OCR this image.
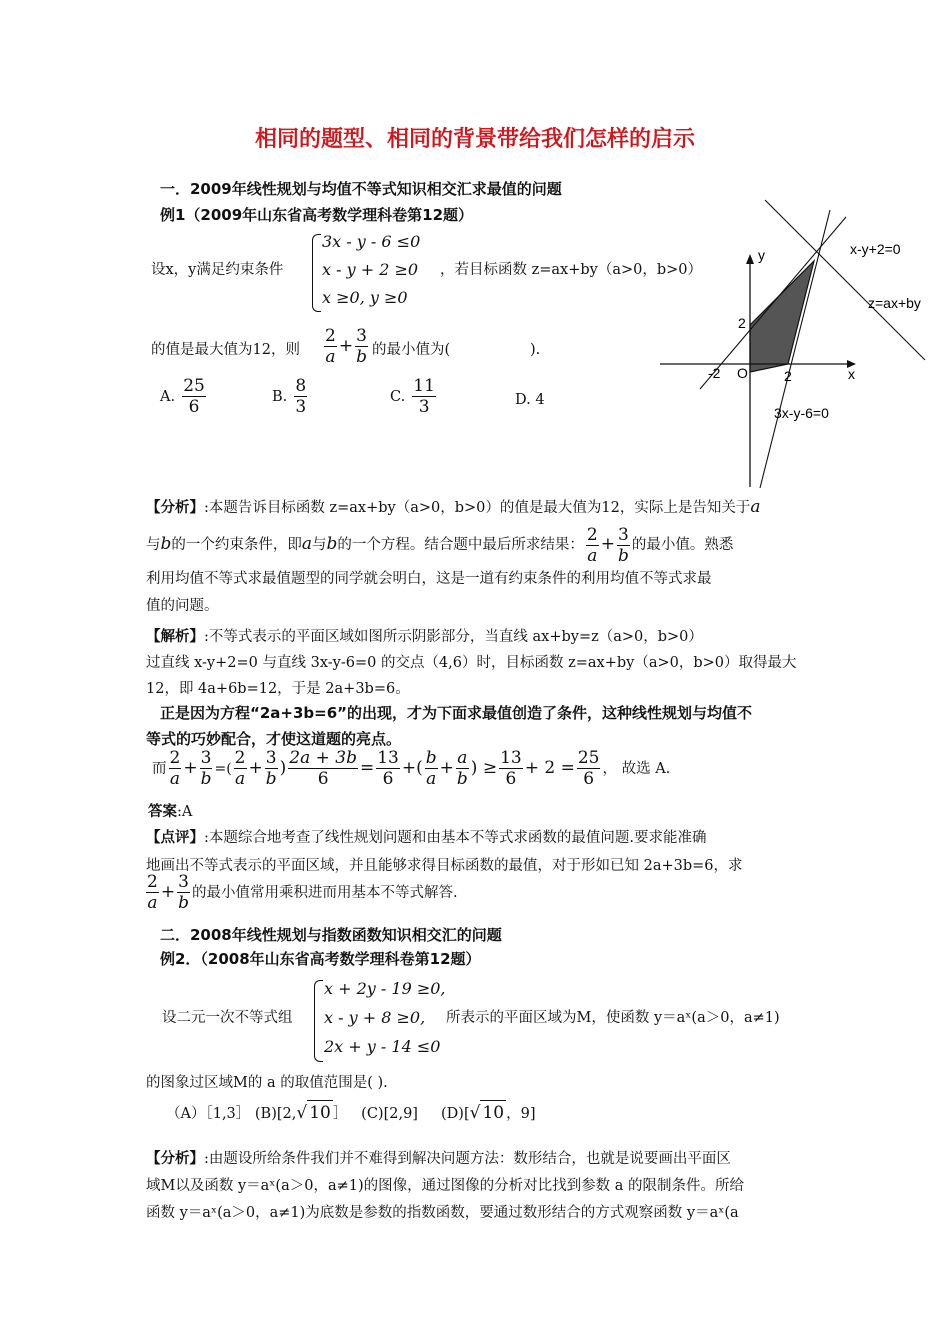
相同的题型、相同的背景带给我们怎样的启示
一．2009年线性规划与均值不等式知识相交汇求最值的问题
例1（2009年山东省高考数学理科卷第12题）
设x，y满足约束条件
3x - y - 6 ≤0
x - y + 2 ≥0
x ≥0, y ≥0
，若目标函数 z=ax+by（a>0，b>0）
的值是最大值为12，则 $\frac{2}{a} + \frac{3}{b}$ 的最小值为(	).
A. $\frac{25}{6}$	B. $\frac{8}{3}$	C. $\frac{11}{3}$	D. 4
y
x
O
-2	2
2
x-y+2=0
z=ax+by
3x-y-6=0
【分析】:本题告诉目标函数 z=ax+by（a>0，b>0）的值是最大值为12，实际上是告知关于a
与b的一个约束条件，即a与b的一个方程。结合题中最后所求结果： $\frac{2}{a} + \frac{3}{b}$ 的最小值。熟悉
利用均值不等式求最值题型的同学就会明白，这是一道有约束条件的利用均值不等式求最
值的问题。
【解析】:不等式表示的平面区域如图所示阴影部分，当直线 ax+by=z（a>0，b>0）
过直线 x-y+2=0 与直线 3x-y-6=0 的交点（4,6）时，目标函数 z=ax+by（a>0，b>0）取得最大
12，即 4a+6b=12，于是 2a+3b=6。
正是因为方程“2a+3b=6”的出现，才为下面求最值创造了条件，这种线性规划与均值不
等式的巧妙配合，才使这道题的亮点。
而 $\frac{2}{a} + \frac{3}{b}$ =( $\frac{2}{a} + \frac{3}{b}$ ) $\frac{2a + 3b}{6} = \frac{13}{6}$ +( $\frac{b}{a} + \frac{a}{b}$ ) ≥ $\frac{13}{6} + 2 = \frac{25}{6}$ ， 故选 A.
答案:A
【点评】:本题综合地考查了线性规划问题和由基本不等式求函数的最值问题.要求能准确
地画出不等式表示的平面区域，并且能够求得目标函数的最值，对于形如已知 2a+3b=6，求
$\frac{2}{a} + \frac{3}{b}$ 的最小值常用乘积进而用基本不等式解答.
二．2008年线性规划与指数函数知识相交汇的问题
例2．（2008年山东省高考数学理科卷第12题）
设二元一次不等式组
x + 2y - 19 ≥0,
x - y + 8 ≥0,
2x + y - 14 ≤0
所表示的平面区域为M，使函数 y＝aˣ(a＞0，a≠1)
的图象过区域M的 a 的取值范围是( ).
（A）［1,3］ (B)[2,√ 10 ］ (C)[2,9] (D)[√ 10 ，9]
【分析】:由题设所给条件我们并不难得到解决问题方法：数形结合，也就是说要画出平面区
域M以及函数 y＝aˣ(a＞0，a≠1)的图像，通过图像的分析对比找到参数 a 的限制条件。所给
函数 y＝aˣ(a＞0，a≠1)为底数是参数的指数函数，要通过数形结合的方式观察函数 y＝aˣ(a
